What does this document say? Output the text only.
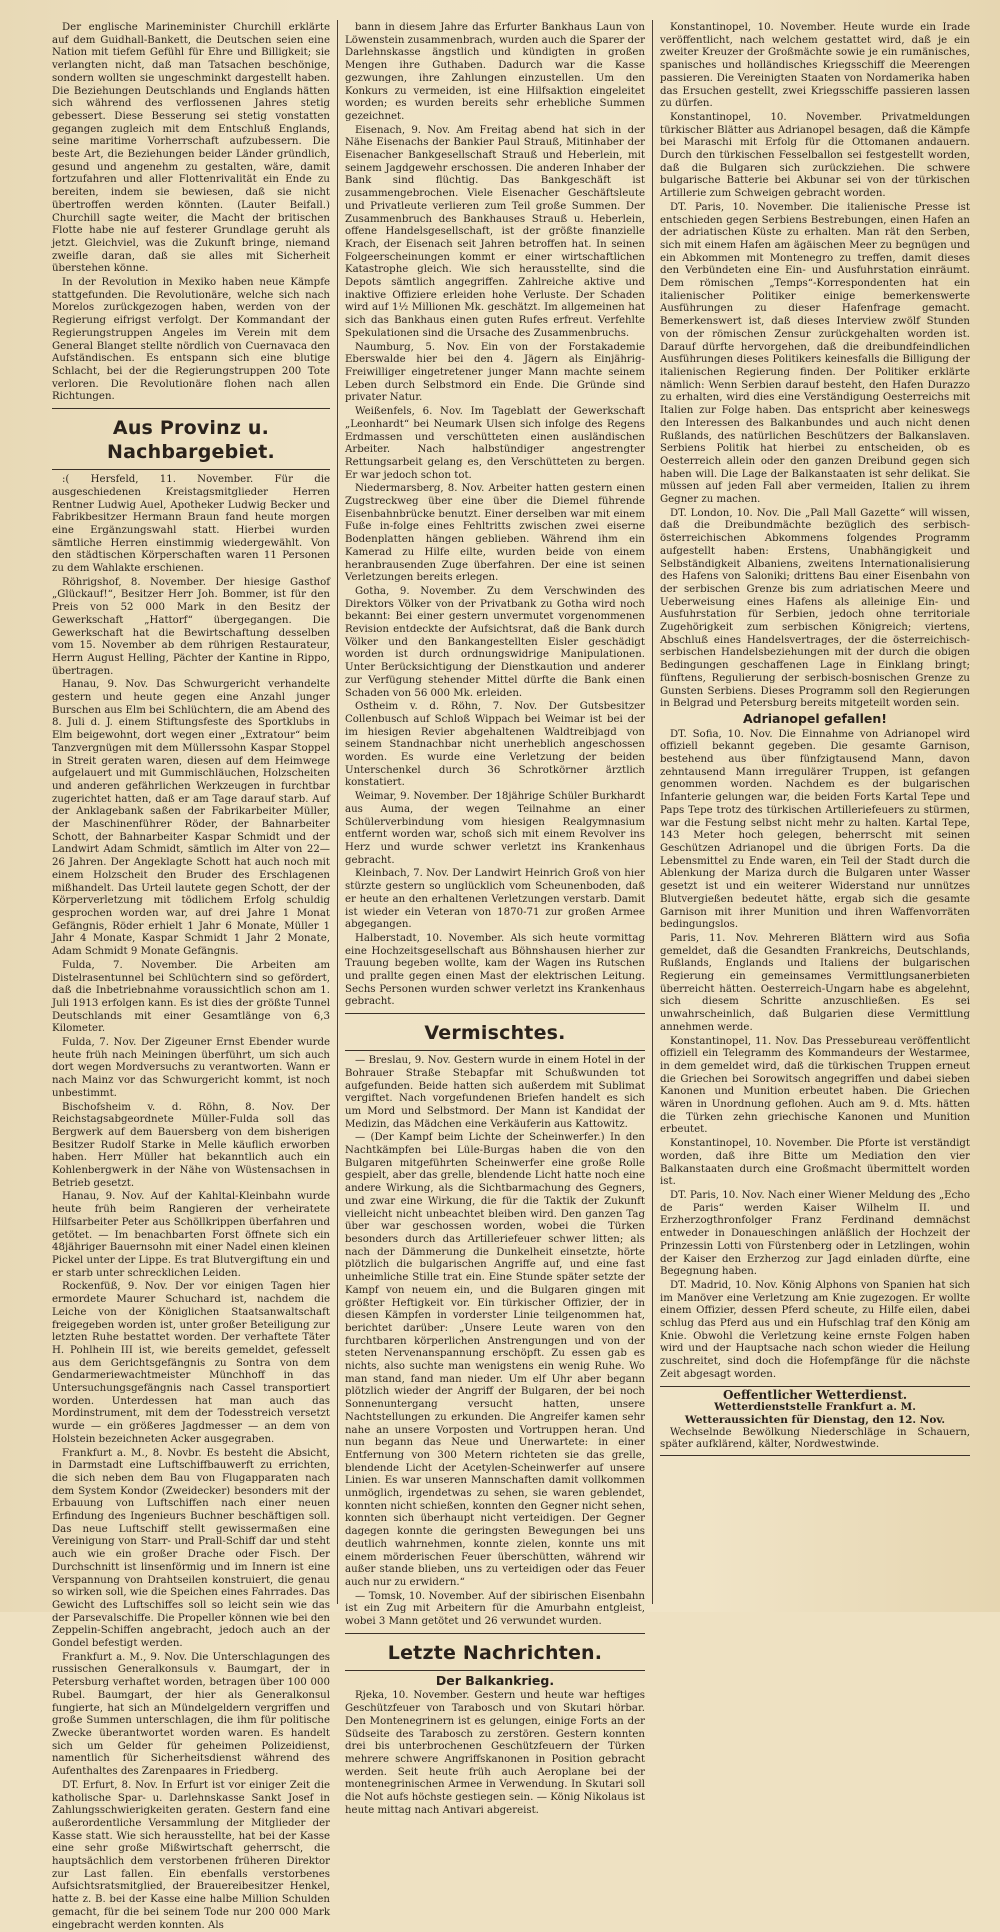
Der englische Marineminister Churchill erklärte auf dem Guidhall-Bankett, die Deutschen seien eine Nation mit tiefem Gefühl für Ehre und Billigkeit; sie verlangten nicht, daß man Tatsachen beschönige, sondern wollten sie ungeschminkt dargestellt haben. Die Beziehungen Deutschlands und Englands hätten sich während des verflossenen Jahres stetig gebessert. Diese Besserung sei stetig vonstatten gegangen zugleich mit dem Entschluß Englands, seine maritime Vorherrschaft aufzubessern. Die beste Art, die Beziehungen beider Länder gründlich, gesund und angenehm zu gestalten, wäre, damit fortzufahren und aller Flottenrivalität ein Ende zu bereiten, indem sie bewiesen, daß sie nicht übertroffen werden könnten. (Lauter Beifall.) Churchill sagte weiter, die Macht der britischen Flotte habe nie auf festerer Grundlage geruht als jetzt. Gleichviel, was die Zukunft bringe, niemand zweifle daran, daß sie alles mit Sicherheit überstehen könne.

In der Revolution in Mexiko haben neue Kämpfe stattgefunden. Die Revolutionäre, welche sich nach Morelos zurückgezogen haben, werden von der Regierung eifrigst verfolgt. Der Kommandant der Regierungstruppen Angeles im Verein mit dem General Blanget stellte nördlich von Cuernavaca den Aufständischen. Es entspann sich eine blutige Schlacht, bei der die Regierungstruppen 200 Tote verloren. Die Revolutionäre flohen nach allen Richtungen.

Aus Provinz u. Nachbargebiet.

:( Hersfeld, 11. November. Für die ausgeschiedenen Kreistagsmitglieder Herren Rentner Ludwig Auel, Apotheker Ludwig Becker und Fabrikbesitzer Hermann Braun fand heute morgen eine Ergänzungswahl statt. Hierbei wurden sämtliche Herren einstimmig wiedergewählt. Von den städtischen Körperschaften waren 11 Personen zu dem Wahlakte erschienen.

Röhrigshof, 8. November. Der hiesige Gasthof „Glückauf!“, Besitzer Herr Joh. Bommer, ist für den Preis von 52 000 Mark in den Besitz der Gewerkschaft „Hattorf“ übergegangen. Die Gewerkschaft hat die Bewirtschaftung desselben vom 15. November ab dem rührigen Restaurateur, Herrn August Helling, Pächter der Kantine in Rippo, übertragen.

Hanau, 9. Nov. Das Schwurgericht verhandelte gestern und heute gegen eine Anzahl junger Burschen aus Elm bei Schlüchtern, die am Abend des 8. Juli d. J. einem Stiftungsfeste des Sportklubs in Elm beigewohnt, dort wegen einer „Extratour“ beim Tanzvergnügen mit dem Müllerssohn Kaspar Stoppel in Streit geraten waren, diesen auf dem Heimwege aufgelauert und mit Gummischläuchen, Holzscheiten und anderen gefährlichen Werkzeugen in furchtbar zugerichtet hatten, daß er am Tage darauf starb. Auf der Anklagebank saßen der Fabrikarbeiter Müller, der Maschinenführer Röder, der Bahnarbeiter Schott, der Bahnarbeiter Kaspar Schmidt und der Landwirt Adam Schmidt, sämtlich im Alter von 22—26 Jahren. Der Angeklagte Schott hat auch noch mit einem Holzscheit den Bruder des Erschlagenen mißhandelt. Das Urteil lautete gegen Schott, der der Körperverletzung mit tödlichem Erfolg schuldig gesprochen worden war, auf drei Jahre 1 Monat Gefängnis, Röder erhielt 1 Jahr 6 Monate, Müller 1 Jahr 4 Monate, Kaspar Schmidt 1 Jahr 2 Monate, Adam Schmidt 9 Monate Gefängnis.

Fulda, 7. November. Die Arbeiten am Distelrasentunnel bei Schlüchtern sind so gefördert, daß die Inbetriebnahme voraussichtlich schon am 1. Juli 1913 erfolgen kann. Es ist dies der größte Tunnel Deutschlands mit einer Gesamtlänge von 6,3 Kilometer.

Fulda, 7. Nov. Der Zigeuner Ernst Ebender wurde heute früh nach Meiningen überführt, um sich auch dort wegen Mordversuchs zu verantworten. Wann er nach Mainz vor das Schwurgericht kommt, ist noch unbestimmt.

Bischofsheim v. d. Röhn, 8. Nov. Der Reichstagsabgeordnete Müller-Fulda soll das Bergwerk auf dem Bauersberg von dem bisherigen Besitzer Rudolf Starke in Melle käuflich erworben haben. Herr Müller hat bekanntlich auch ein Kohlenbergwerk in der Nähe von Wüstensachsen in Betrieb gesetzt.

Hanau, 9. Nov. Auf der Kahltal-Kleinbahn wurde heute früh beim Rangieren der verheiratete Hilfsarbeiter Peter aus Schöllkrippen überfahren und getötet. — Im benachbarten Forst öffnete sich ein 48jähriger Bauernsohn mit einer Nadel einen kleinen Pickel unter der Lippe. Es trat Blutvergiftung ein und er starb unter schrecklichen Leiden.

Rockenfüß, 9. Nov. Der vor einigen Tagen hier ermordete Maurer Schuchard ist, nachdem die Leiche von der Königlichen Staatsanwaltschaft freigegeben worden ist, unter großer Beteiligung zur letzten Ruhe bestattet worden. Der verhaftete Täter H. Pohlhein III ist, wie bereits gemeldet, gefesselt aus dem Gerichtsgefängnis zu Sontra von dem Gendarmeriewachtmeister Münchhoff in das Untersuchungsgefängnis nach Cassel transportiert worden. Unterdessen hat man auch das Mordinstrument, mit dem der Todesstreich versetzt wurde — ein größeres Jagdmesser — an dem von Holstein bezeichneten Acker ausgegraben.

Frankfurt a. M., 8. Novbr. Es besteht die Absicht, in Darmstadt eine Luftschiffbauwerft zu errichten, die sich neben dem Bau von Flugapparaten nach dem System Kondor (Zweidecker) besonders mit der Erbauung von Luftschiffen nach einer neuen Erfindung des Ingenieurs Buchner beschäftigen soll. Das neue Luftschiff stellt gewissermaßen eine Vereinigung von Starr- und Prall-Schiff dar und steht auch wie ein großer Drache oder Fisch. Der Durchschnitt ist linsenförmig und im Innern ist eine Verspannung von Drahtseilen konstruiert, die genau so wirken soll, wie die Speichen eines Fahrrades. Das Gewicht des Luftschiffes soll so leicht sein wie das der Parsevalschiffe. Die Propeller können wie bei den Zeppelin-Schiffen angebracht, jedoch auch an der Gondel befestigt werden.

Frankfurt a. M., 9. Nov. Die Unterschlagungen des russischen Generalkonsuls v. Baumgart, der in Petersburg verhaftet worden, betragen über 100 000 Rubel. Baumgart, der hier als Generalkonsul fungierte, hat sich an Mündelgeldern vergriffen und große Summen unterschlagen, die ihm für politische Zwecke überantwortet worden waren. Es handelt sich um Gelder für geheimen Polizeidienst, namentlich für Sicherheitsdienst während des Aufenthaltes des Zarenpaares in Friedberg.

DT. Erfurt, 8. Nov. In Erfurt ist vor einiger Zeit die katholische Spar- u. Darlehnskasse Sankt Josef in Zahlungsschwierigkeiten geraten. Gestern fand eine außerordentliche Versammlung der Mitglieder der Kasse statt. Wie sich herausstellte, hat bei der Kasse eine sehr große Mißwirtschaft geherrscht, die hauptsächlich dem verstorbenen früheren Direktor zur Last fallen. Ein ebenfalls verstorbenes Aufsichtsratsmitglied, der Brauereibesitzer Henkel, hatte z. B. bei der Kasse eine halbe Million Schulden gemacht, für die bei seinem Tode nur 200 000 Mark eingebracht werden konnten. Als

bann in diesem Jahre das Erfurter Bankhaus Laun von Löwenstein zusammenbrach, wurden auch die Sparer der Darlehnskasse ängstlich und kündigten in großen Mengen ihre Guthaben. Dadurch war die Kasse gezwungen, ihre Zahlungen einzustellen. Um den Konkurs zu vermeiden, ist eine Hilfsaktion eingeleitet worden; es wurden bereits sehr erhebliche Summen gezeichnet.

Eisenach, 9. Nov. Am Freitag abend hat sich in der Nähe Eisenachs der Bankier Paul Strauß, Mitinhaber der Eisenacher Bankgesellschaft Strauß und Heberlein, mit seinem Jagdgewehr erschossen. Die anderen Inhaber der Bank sind flüchtig. Das Bankgeschäft ist zusammengebrochen. Viele Eisenacher Geschäftsleute und Privatleute verlieren zum Teil große Summen. Der Zusammenbruch des Bankhauses Strauß u. Heberlein, offene Handelsgesellschaft, ist der größte finanzielle Krach, der Eisenach seit Jahren betroffen hat. In seinen Folgeerscheinungen kommt er einer wirtschaftlichen Katastrophe gleich. Wie sich herausstellte, sind die Depots sämtlich angegriffen. Zahlreiche aktive und inaktive Offiziere erleiden hohe Verluste. Der Schaden wird auf 1½ Millionen Mk. geschätzt. Im allgemeinen hat sich das Bankhaus einen guten Rufes erfreut. Verfehlte Spekulationen sind die Ursache des Zusammenbruchs.

Naumburg, 5. Nov. Ein von der Forstakademie Eberswalde hier bei den 4. Jägern als Einjährig-Freiwilliger eingetretener junger Mann machte seinem Leben durch Selbstmord ein Ende. Die Gründe sind privater Natur.

Weißenfels, 6. Nov. Im Tageblatt der Gewerkschaft „Leonhardt“ bei Neumark Ulsen sich infolge des Regens Erdmassen und verschütteten einen ausländischen Arbeiter. Nach halbstündiger angestrengter Rettungsarbeit gelang es, den Verschütteten zu bergen. Er war jedoch schon tot.

Niedermarsberg, 8. Nov. Arbeiter hatten gestern einen Zugstreckweg über eine über die Diemel führende Eisenbahnbrücke benutzt. Einer derselben war mit einem Fuße in-folge eines Fehltritts zwischen zwei eiserne Bodenplatten hängen geblieben. Während ihm ein Kamerad zu Hilfe eilte, wurden beide von einem heranbrausenden Zuge überfahren. Der eine ist seinen Verletzungen bereits erlegen.

Gotha, 9. November. Zu dem Verschwinden des Direktors Völker von der Privatbank zu Gotha wird noch bekannt: Bei einer gestern unvermutet vorgenommenen Revision entdeckte der Aufsichtsrat, daß die Bank durch Völker und den Bankangestellten Eisler geschädigt worden ist durch ordnungswidrige Manipulationen. Unter Berücksichtigung der Dienstkaution und anderer zur Verfügung stehender Mittel dürfte die Bank einen Schaden von 56 000 Mk. erleiden.

Ostheim v. d. Röhn, 7. Nov. Der Gutsbesitzer Collenbusch auf Schloß Wippach bei Weimar ist bei der im hiesigen Revier abgehaltenen Waldtreibjagd von seinem Standnachbar nicht unerheblich angeschossen worden. Es wurde eine Verletzung der beiden Unterschenkel durch 36 Schrotkörner ärztlich konstatiert.

Weimar, 9. November. Der 18jährige Schüler Burkhardt aus Auma, der wegen Teilnahme an einer Schülerverbindung vom hiesigen Realgymnasium entfernt worden war, schoß sich mit einem Revolver ins Herz und wurde schwer verletzt ins Krankenhaus gebracht.

Kleinbach, 7. Nov. Der Landwirt Heinrich Groß von hier stürzte gestern so unglücklich vom Scheunenboden, daß er heute an den erhaltenen Verletzungen verstarb. Damit ist wieder ein Veteran von 1870-71 zur großen Armee abgegangen.

Halberstadt, 10. November. Als sich heute vormittag eine Hochzeitsgesellschaft aus Böhnshausen hierher zur Trauung begeben wollte, kam der Wagen ins Rutschen und prallte gegen einen Mast der elektrischen Leitung. Sechs Personen wurden schwer verletzt ins Krankenhaus gebracht.

Vermischtes.

— Breslau, 9. Nov. Gestern wurde in einem Hotel in der Bohrauer Straße Stebapfar mit Schußwunden tot aufgefunden. Beide hatten sich außerdem mit Sublimat vergiftet. Nach vorgefundenen Briefen handelt es sich um Mord und Selbstmord. Der Mann ist Kandidat der Medizin, das Mädchen eine Verkäuferin aus Kattowitz.

— (Der Kampf beim Lichte der Scheinwerfer.) In den Nachtkämpfen bei Lüle-Burgas haben die von den Bulgaren mitgeführten Scheinwerfer eine große Rolle gespielt, aber das grelle, blendende Licht hatte noch eine andere Wirkung, als die Sichtbarmachung des Gegners, und zwar eine Wirkung, die für die Taktik der Zukunft vielleicht nicht unbeachtet bleiben wird. Den ganzen Tag über war geschossen worden, wobei die Türken besonders durch das Artilleriefeuer schwer litten; als nach der Dämmerung die Dunkelheit einsetzte, hörte plötzlich die bulgarischen Angriffe auf, und eine fast unheimliche Stille trat ein. Eine Stunde später setzte der Kampf von neuem ein, und die Bulgaren gingen mit größter Heftigkeit vor. Ein türkischer Offizier, der in diesen Kämpfen in vorderster Linie teilgenommen hat, berichtet darüber: „Unsere Leute waren von den furchtbaren körperlichen Anstrengungen und von der steten Nervenanspannung erschöpft. Zu essen gab es nichts, also suchte man wenigstens ein wenig Ruhe. Wo man stand, fand man nieder. Um elf Uhr aber begann plötzlich wieder der Angriff der Bulgaren, der bei noch Sonnenuntergang versucht hatten, unsere Nachtstellungen zu erkunden. Die Angreifer kamen sehr nahe an unsere Vorposten und Vortruppen heran. Und nun begann das Neue und Unerwartete: in einer Entfernung von 300 Metern richteten sie das grelle, blendende Licht der Acetylen-Scheinwerfer auf unsere Linien. Es war unseren Mannschaften damit vollkommen unmöglich, irgendetwas zu sehen, sie waren geblendet, konnten nicht schießen, konnten den Gegner nicht sehen, konnten sich überhaupt nicht verteidigen. Der Gegner dagegen konnte die geringsten Bewegungen bei uns deutlich wahrnehmen, konnte zielen, konnte uns mit einem mörderischen Feuer überschütten, während wir außer stande blieben, uns zu verteidigen oder das Feuer auch nur zu erwidern.“

— Tomsk, 10. November. Auf der sibirischen Eisenbahn ist ein Zug mit Arbeitern für die Amurbahn entgleist, wobei 3 Mann getötet und 26 verwundet wurden.

Letzte Nachrichten.
Der Balkankrieg.

Rjeka, 10. November. Gestern und heute war heftiges Geschützfeuer von Tarabosch und von Skutari hörbar. Den Montenegrinern ist es gelungen, einige Forts an der Südseite des Tarabosch zu zerstören. Gestern konnten drei bis unterbrochenen Geschützfeuern der Türken mehrere schwere Angriffskanonen in Position gebracht werden. Seit heute früh auch Aeroplane bei der montenegrinischen Armee in Verwendung. In Skutari soll die Not aufs höchste gestiegen sein. — König Nikolaus ist heute mittag nach Antivari abgereist.

Konstantinopel, 10. November. Heute wurde ein Irade veröffentlicht, nach welchem gestattet wird, daß je ein zweiter Kreuzer der Großmächte sowie je ein rumänisches, spanisches und holländisches Kriegsschiff die Meerengen passieren. Die Vereinigten Staaten von Nordamerika haben das Ersuchen gestellt, zwei Kriegsschiffe passieren lassen zu dürfen.

Konstantinopel, 10. November. Privatmeldungen türkischer Blätter aus Adrianopel besagen, daß die Kämpfe bei Maraschi mit Erfolg für die Ottomanen andauern. Durch den türkischen Fesselballon sei festgestellt worden, daß die Bulgaren sich zurückziehen. Die schwere bulgarische Batterie bei Akbunar sei von der türkischen Artillerie zum Schweigen gebracht worden.

DT. Paris, 10. November. Die italienische Presse ist entschieden gegen Serbiens Bestrebungen, einen Hafen an der adriatischen Küste zu erhalten. Man rät den Serben, sich mit einem Hafen am ägäischen Meer zu begnügen und ein Abkommen mit Montenegro zu treffen, damit dieses den Verbündeten eine Ein- und Ausfuhrstation einräumt. Dem römischen „Temps“-Korrespondenten hat ein italienischer Politiker einige bemerkenswerte Ausführungen zu dieser Hafenfrage gemacht. Bemerkenswert ist, daß dieses Interview zwölf Stunden von der römischen Zensur zurückgehalten worden ist. Darauf dürfte hervorgehen, daß die dreibundfeindlichen Ausführungen dieses Politikers keinesfalls die Billigung der italienischen Regierung finden. Der Politiker erklärte nämlich: Wenn Serbien darauf besteht, den Hafen Durazzo zu erhalten, wird dies eine Verständigung Oesterreichs mit Italien zur Folge haben. Das entspricht aber keineswegs den Interessen des Balkanbundes und auch nicht denen Rußlands, des natürlichen Beschützers der Balkanslaven. Serbiens Politik hat hierbei zu entscheiden, ob es Oesterreich allein oder den ganzen Dreibund gegen sich haben will. Die Lage der Balkanstaaten ist sehr delikat. Sie müssen auf jeden Fall aber vermeiden, Italien zu ihrem Gegner zu machen.

DT. London, 10. Nov. Die „Pall Mall Gazette“ will wissen, daß die Dreibundmächte bezüglich des serbisch-österreichischen Abkommens folgendes Programm aufgestellt haben: Erstens, Unabhängigkeit und Selbständigkeit Albaniens, zweitens Internationalisierung des Hafens von Saloniki; drittens Bau einer Eisenbahn von der serbischen Grenze bis zum adriatischen Meere und Ueberweisung eines Hafens als alleinige Ein- und Ausfuhrstation für Serbien, jedoch ohne territoriale Zugehörigkeit zum serbischen Königreich; viertens, Abschluß eines Handelsvertrages, der die österreichisch-serbischen Handelsbeziehungen mit der durch die obigen Bedingungen geschaffenen Lage in Einklang bringt; fünftens, Regulierung der serbisch-bosnischen Grenze zu Gunsten Serbiens. Dieses Programm soll den Regierungen in Belgrad und Petersburg bereits mitgeteilt worden sein.

Adrianopel gefallen!

DT. Sofia, 10. Nov. Die Einnahme von Adrianopel wird offiziell bekannt gegeben. Die gesamte Garnison, bestehend aus über fünfzigtausend Mann, davon zehntausend Mann irregulärer Truppen, ist gefangen genommen worden. Nachdem es der bulgarischen Infanterie gelungen war, die beiden Forts Kartal Tepe und Paps Tepe trotz des türkischen Artilleriefeuers zu stürmen, war die Festung selbst nicht mehr zu halten. Kartal Tepe, 143 Meter hoch gelegen, beherrscht mit seinen Geschützen Adrianopel und die übrigen Forts. Da die Lebensmittel zu Ende waren, ein Teil der Stadt durch die Ablenkung der Mariza durch die Bulgaren unter Wasser gesetzt ist und ein weiterer Widerstand nur unnützes Blutvergießen bedeutet hätte, ergab sich die gesamte Garnison mit ihrer Munition und ihren Waffenvorräten bedingungslos.

Paris, 11. Nov. Mehreren Blättern wird aus Sofia gemeldet, daß die Gesandten Frankreichs, Deutschlands, Rußlands, Englands und Italiens der bulgarischen Regierung ein gemeinsames Vermittlungsanerbieten überreicht hätten. Oesterreich-Ungarn habe es abgelehnt, sich diesem Schritte anzuschließen. Es sei unwahrscheinlich, daß Bulgarien diese Vermittlung annehmen werde.

Konstantinopel, 11. Nov. Das Pressebureau veröffentlicht offiziell ein Telegramm des Kommandeurs der Westarmee, in dem gemeldet wird, daß die türkischen Truppen erneut die Griechen bei Sorowitsch angegriffen und dabei sieben Kanonen und Munition erbeutet haben. Die Griechen wären in Unordnung geflohen. Auch am 9. d. Mts. hätten die Türken zehn griechische Kanonen und Munition erbeutet.

Konstantinopel, 10. November. Die Pforte ist verständigt worden, daß ihre Bitte um Mediation den vier Balkanstaaten durch eine Großmacht übermittelt worden ist.

DT. Paris, 10. Nov. Nach einer Wiener Meldung des „Echo de Paris“ werden Kaiser Wilhelm II. und Erzherzogthronfolger Franz Ferdinand demnächst entweder in Donaueschingen anläßlich der Hochzeit der Prinzessin Lotti von Fürstenberg oder in Letzlingen, wohin der Kaiser den Erzherzog zur Jagd einladen dürfte, eine Begegnung haben.

DT. Madrid, 10. Nov. König Alphons von Spanien hat sich im Manöver eine Verletzung am Knie zugezogen. Er wollte einem Offizier, dessen Pferd scheute, zu Hilfe eilen, dabei schlug das Pferd aus und ein Hufschlag traf den König am Knie. Obwohl die Verletzung keine ernste Folgen haben wird und der Hauptsache nach schon wieder die Heilung zuschreitet, sind doch die Hofempfänge für die nächste Zeit abgesagt worden.

Oeffentlicher Wetterdienst.
Wetterdienststelle Frankfurt a. M.
Wetteraussichten für Dienstag, den 12. Nov.

Wechselnde Bewölkung Niederschläge in Schauern, später aufklärend, kälter, Nordwestwinde.
